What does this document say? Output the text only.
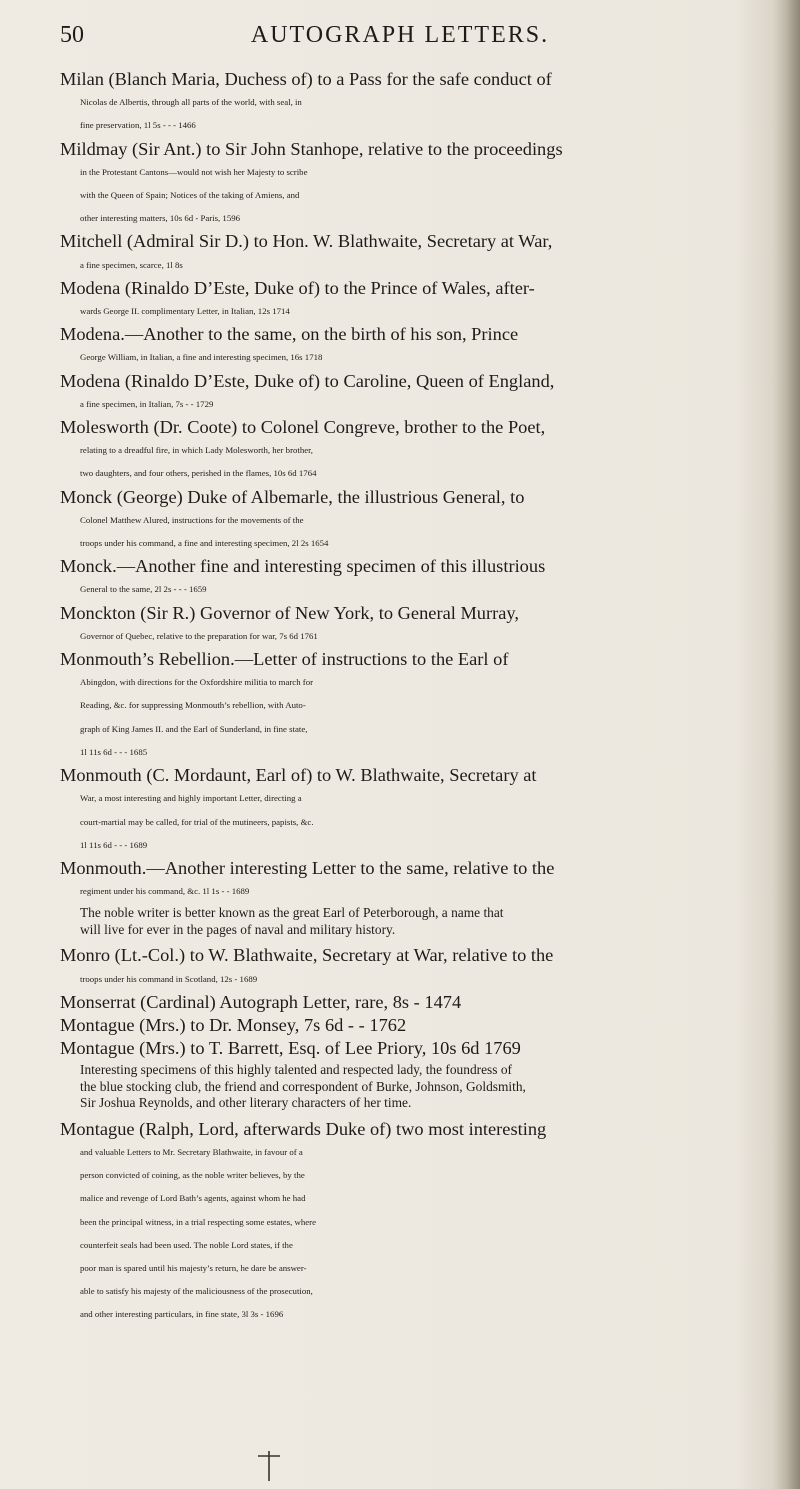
50	AUTOGRAPH LETTERS.
Milan (Blanch Maria, Duchess of) to a Pass for the safe conduct of
Nicolas de Albertis, through all parts of the world, with seal, in
fine preservation, 1l 5s - - - 1466
Mildmay (Sir Ant.) to Sir John Stanhope, relative to the proceedings
in the Protestant Cantons—would not wish her Majesty to scribe
with the Queen of Spain; Notices of the taking of Amiens, and
other interesting matters, 10s 6d - Paris, 1596
Mitchell (Admiral Sir D.) to Hon. W. Blathwaite, Secretary at War,
a fine specimen, scarce, 1l 8s
Modena (Rinaldo D’Este, Duke of) to the Prince of Wales, after-
wards George II. complimentary Letter, in Italian, 12s 1714
Modena.—Another to the same, on the birth of his son, Prince
George William, in Italian, a fine and interesting specimen, 16s 1718
Modena (Rinaldo D’Este, Duke of) to Caroline, Queen of England,
a fine specimen, in Italian, 7s - - 1729
Molesworth (Dr. Coote) to Colonel Congreve, brother to the Poet,
relating to a dreadful fire, in which Lady Molesworth, her brother,
two daughters, and four others, perished in the flames, 10s 6d 1764
Monck (George) Duke of Albemarle, the illustrious General, to
Colonel Matthew Alured, instructions for the movements of the
troops under his command, a fine and interesting specimen, 2l 2s 1654
Monck.—Another fine and interesting specimen of this illustrious
General to the same, 2l 2s - - - 1659
Monckton (Sir R.) Governor of New York, to General Murray,
Governor of Quebec, relative to the preparation for war, 7s 6d 1761
Monmouth’s Rebellion.—Letter of instructions to the Earl of
Abingdon, with directions for the Oxfordshire militia to march for
Reading, &c. for suppressing Monmouth’s rebellion, with Auto-
graph of King James II. and the Earl of Sunderland, in fine state,
1l 11s 6d - - - 1685
Monmouth (C. Mordaunt, Earl of) to W. Blathwaite, Secretary at
War, a most interesting and highly important Letter, directing a
court-martial may be called, for trial of the mutineers, papists, &c.
1l 11s 6d - - - 1689
Monmouth.—Another interesting Letter to the same, relative to the
regiment under his command, &c. 1l 1s - - 1689
The noble writer is better known as the great Earl of Peterborough, a name that
will live for ever in the pages of naval and military history.
Monro (Lt.-Col.) to W. Blathwaite, Secretary at War, relative to the
troops under his command in Scotland, 12s - 1689
Monserrat (Cardinal) Autograph Letter, rare, 8s - 1474
Montague (Mrs.) to Dr. Monsey, 7s 6d - - 1762
Montague (Mrs.) to T. Barrett, Esq. of Lee Priory, 10s 6d 1769
Interesting specimens of this highly talented and respected lady, the foundress of
the blue stocking club, the friend and correspondent of Burke, Johnson, Goldsmith,
Sir Joshua Reynolds, and other literary characters of her time.
Montague (Ralph, Lord, afterwards Duke of) two most interesting
and valuable Letters to Mr. Secretary Blathwaite, in favour of a
person convicted of coining, as the noble writer believes, by the
malice and revenge of Lord Bath’s agents, against whom he had
been the principal witness, in a trial respecting some estates, where
counterfeit seals had been used. The noble Lord states, if the
poor man is spared until his majesty’s return, he dare be answer-
able to satisfy his majesty of the maliciousness of the prosecution,
and other interesting particulars, in fine state, 3l 3s - 1696
